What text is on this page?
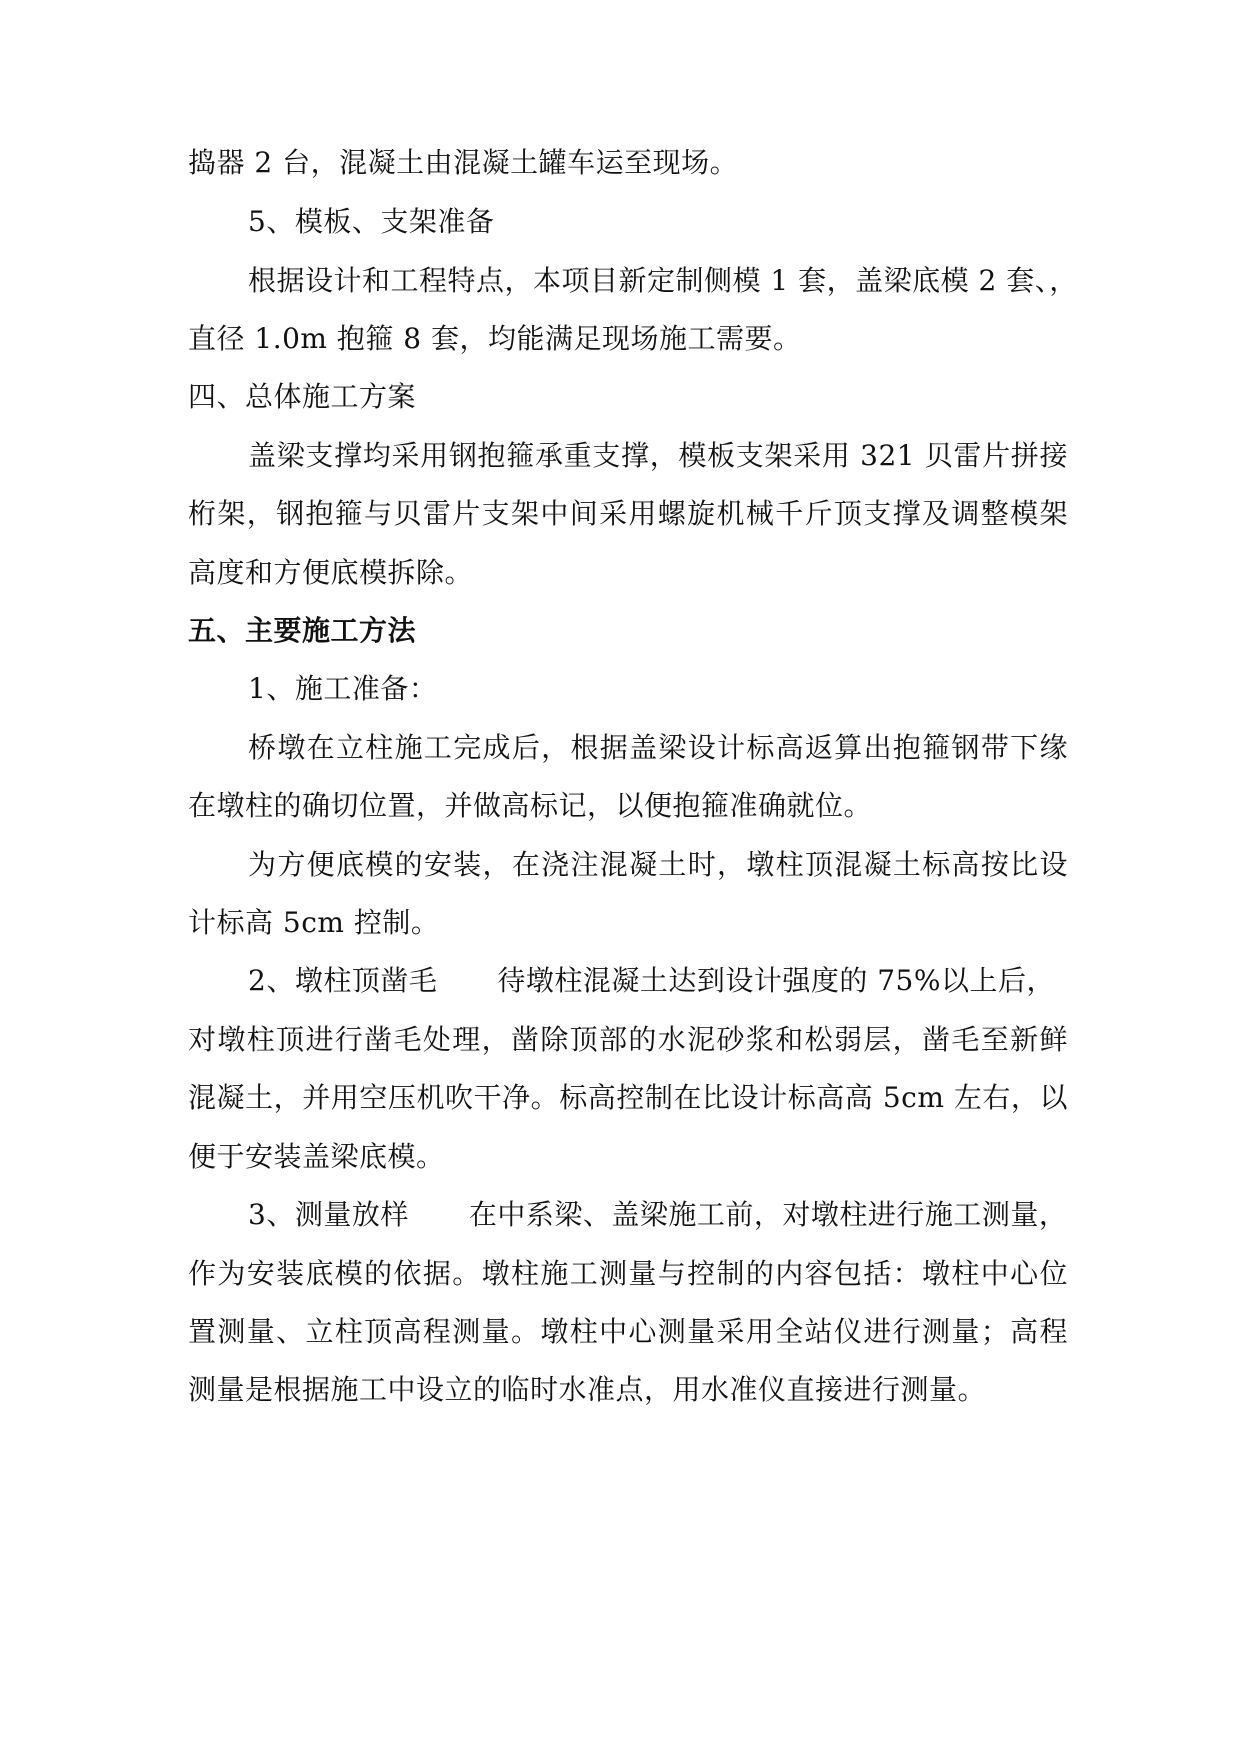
捣器 2 台，混凝土由混凝土罐车运至现场。
5、模板、支架准备
根据设计和工程特点，本项目新定制侧模 1 套，盖梁底模 2 套、，
直径 1.0m 抱箍 8 套，均能满足现场施工需要。
四、总体施工方案
盖梁支撑均采用钢抱箍承重支撑，模板支架采用 321 贝雷片拼接
桁架，钢抱箍与贝雷片支架中间采用螺旋机械千斤顶支撑及调整模架
高度和方便底模拆除。
五、主要施工方法
1、施工准备：
桥墩在立柱施工完成后，根据盖梁设计标高返算出抱箍钢带下缘
在墩柱的确切位置，并做高标记，以便抱箍准确就位。
为方便底模的安装，在浇注混凝土时，墩柱顶混凝土标高按比设
计标高 5cm 控制。
2、墩柱顶凿毛 待墩柱混凝土达到设计强度的 75%以上后，
对墩柱顶进行凿毛处理，凿除顶部的水泥砂浆和松弱层，凿毛至新鲜
混凝土，并用空压机吹干净。标高控制在比设计标高高 5cm 左右，以
便于安装盖梁底模。
3、测量放样 在中系梁、盖梁施工前，对墩柱进行施工测量，
作为安装底模的依据。墩柱施工测量与控制的内容包括：墩柱中心位
置测量、立柱顶高程测量。墩柱中心测量采用全站仪进行测量；高程
测量是根据施工中设立的临时水准点，用水准仪直接进行测量。
